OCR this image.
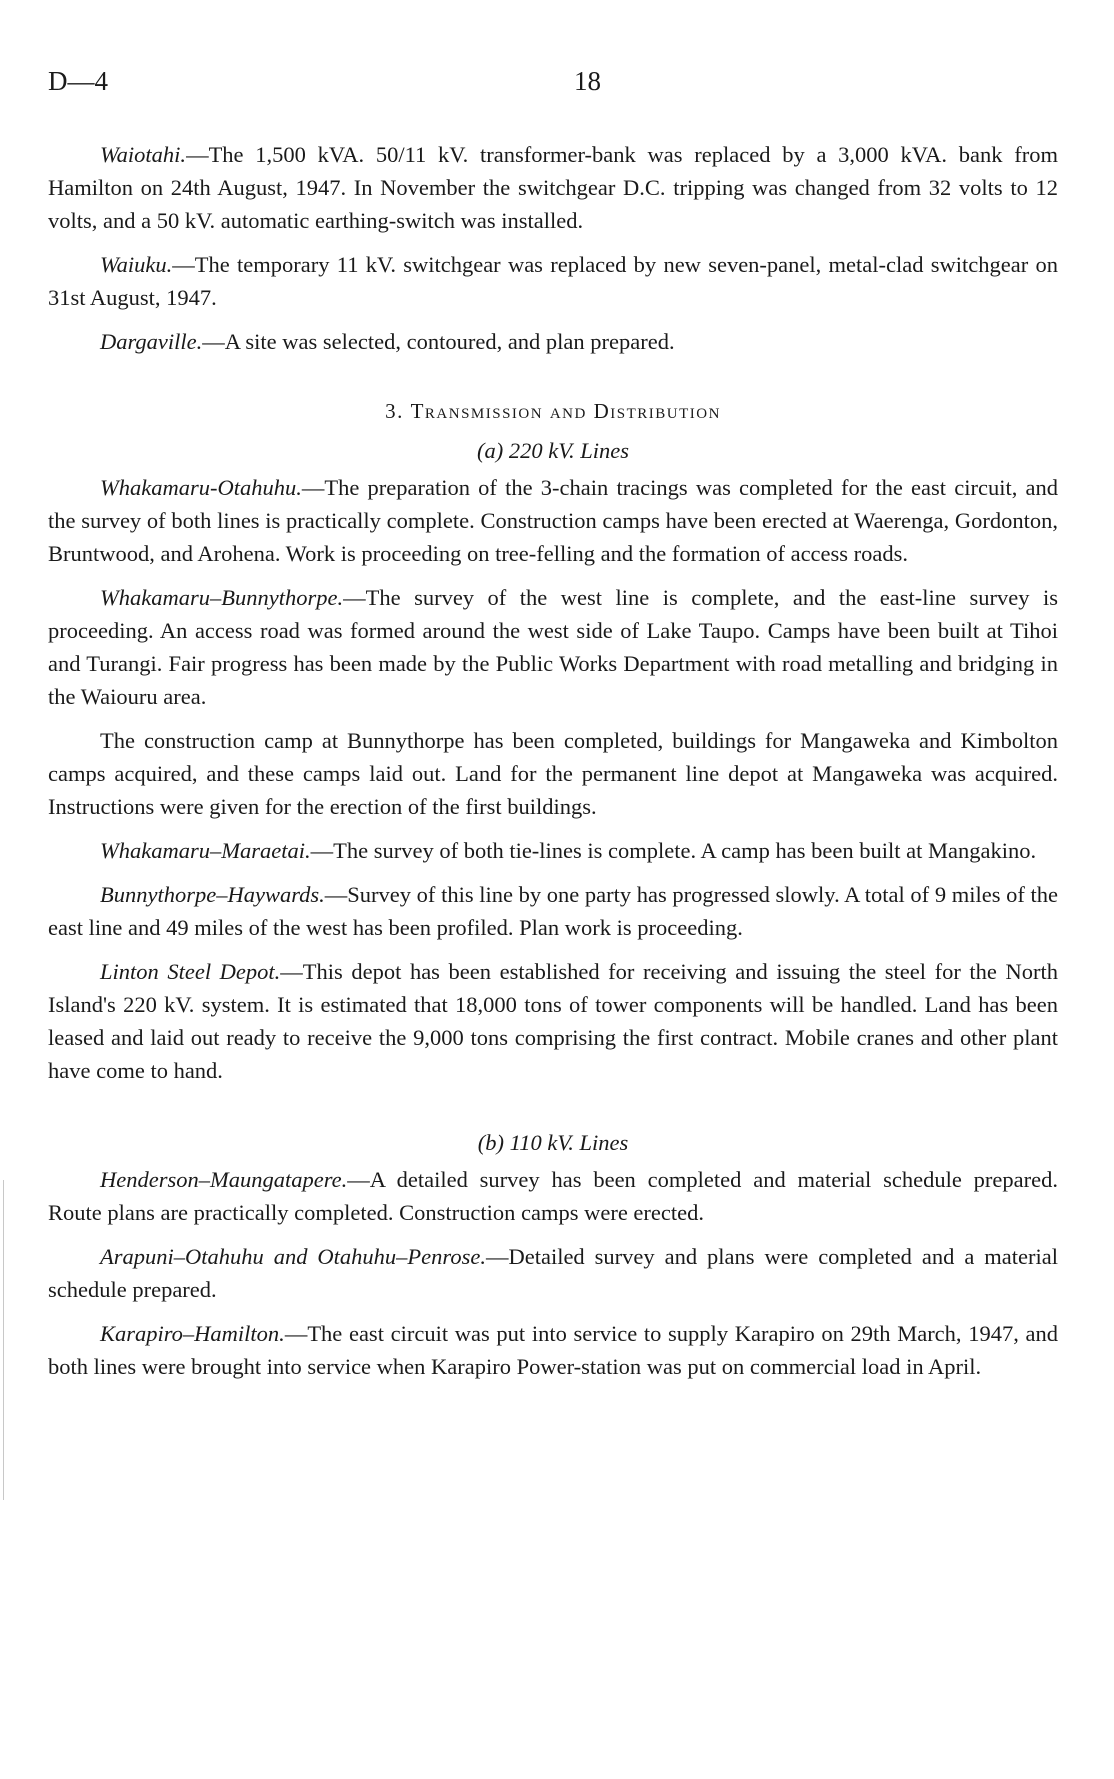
D—4	18

Waiotahi.—The 1,500 kVA. 50/11 kV. transformer-bank was replaced by a 3,000 kVA. bank from Hamilton on 24th August, 1947. In November the switchgear D.C. tripping was changed from 32 volts to 12 volts, and a 50 kV. automatic earthing-switch was installed.

Waiuku.—The temporary 11 kV. switchgear was replaced by new seven-panel, metal-clad switchgear on 31st August, 1947.

Dargaville.—A site was selected, contoured, and plan prepared.

3. Transmission and Distribution
(a) 220 kV. Lines

Whakamaru-Otahuhu.—The preparation of the 3-chain tracings was completed for the east circuit, and the survey of both lines is practically complete. Construction camps have been erected at Waerenga, Gordonton, Bruntwood, and Arohena. Work is proceeding on tree-felling and the formation of access roads.

Whakamaru–Bunnythorpe.—The survey of the west line is complete, and the east-line survey is proceeding. An access road was formed around the west side of Lake Taupo. Camps have been built at Tihoi and Turangi. Fair progress has been made by the Public Works Department with road metalling and bridging in the Waiouru area.

The construction camp at Bunnythorpe has been completed, buildings for Mangaweka and Kimbolton camps acquired, and these camps laid out. Land for the permanent line depot at Mangaweka was acquired. Instructions were given for the erection of the first buildings.

Whakamaru–Maraetai.—The survey of both tie-lines is complete. A camp has been built at Mangakino.

Bunnythorpe–Haywards.—Survey of this line by one party has progressed slowly. A total of 9 miles of the east line and 49 miles of the west has been profiled. Plan work is proceeding.

Linton Steel Depot.—This depot has been established for receiving and issuing the steel for the North Island's 220 kV. system. It is estimated that 18,000 tons of tower components will be handled. Land has been leased and laid out ready to receive the 9,000 tons comprising the first contract. Mobile cranes and other plant have come to hand.

(b) 110 kV. Lines

Henderson–Maungatapere.—A detailed survey has been completed and material schedule prepared. Route plans are practically completed. Construction camps were erected.

Arapuni–Otahuhu and Otahuhu–Penrose.—Detailed survey and plans were completed and a material schedule prepared.

Karapiro–Hamilton.—The east circuit was put into service to supply Karapiro on 29th March, 1947, and both lines were brought into service when Karapiro Power-station was put on commercial load in April.
